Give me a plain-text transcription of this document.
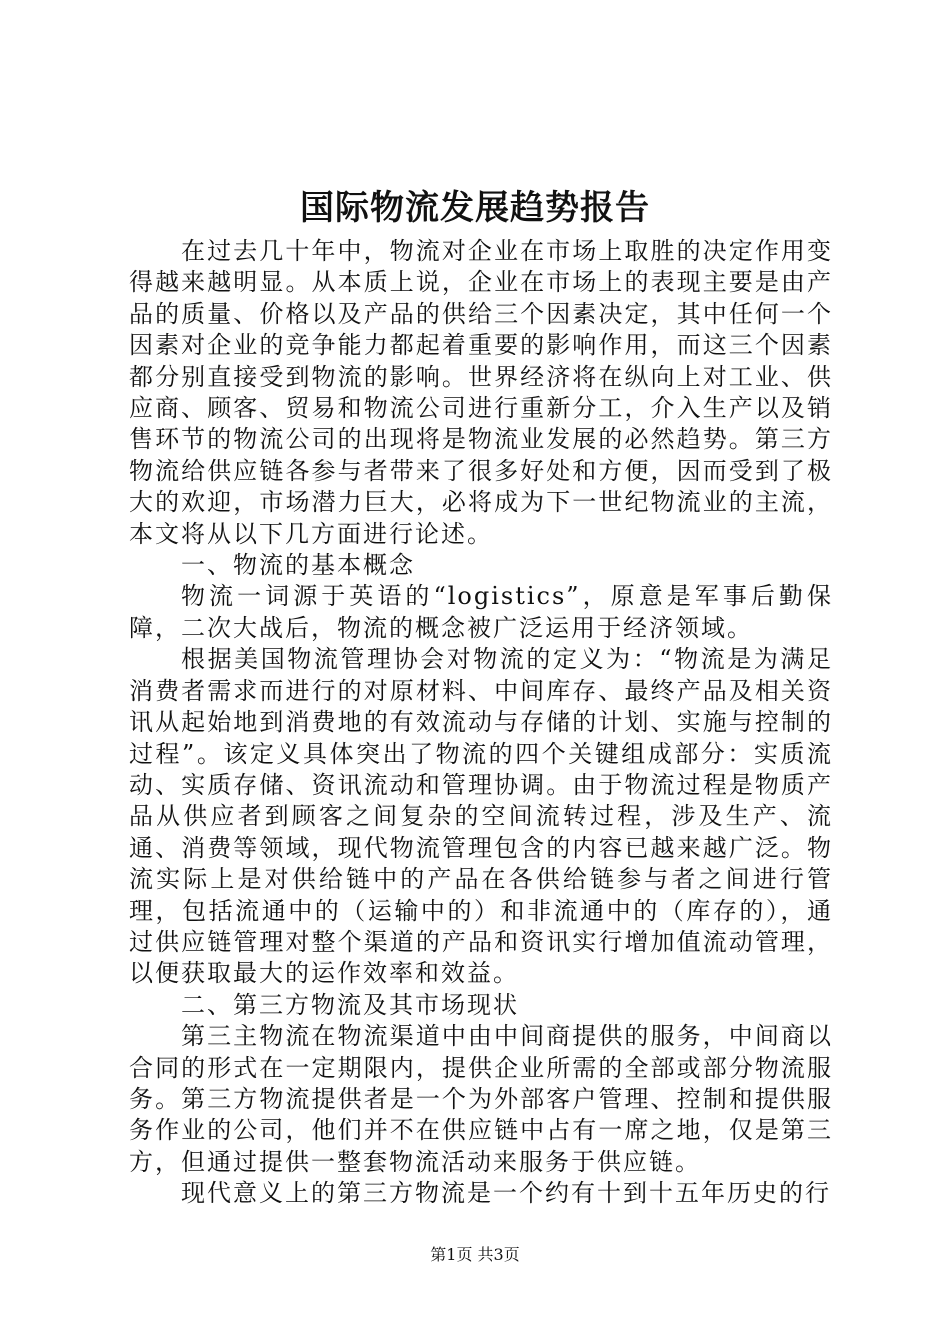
国际物流发展趋势报告

在过去几十年中，物流对企业在市场上取胜的决定作用变得越来越明显。从本质上说，企业在市场上的表现主要是由产品的质量、价格以及产品的供给三个因素决定，其中任何一个因素对企业的竞争能力都起着重要的影响作用，而这三个因素都分别直接受到物流的影响。世界经济将在纵向上对工业、供应商、顾客、贸易和物流公司进行重新分工，介入生产以及销售环节的物流公司的出现将是物流业发展的必然趋势。第三方物流给供应链各参与者带来了很多好处和方便，因而受到了极大的欢迎，市场潜力巨大，必将成为下一世纪物流业的主流，本文将从以下几方面进行论述。

一、物流的基本概念

物流一词源于英语的“logistics”，原意是军事后勤保障，二次大战后，物流的概念被广泛运用于经济领域。

根据美国物流管理协会对物流的定义为：“物流是为满足消费者需求而进行的对原材料、中间库存、最终产品及相关资讯从起始地到消费地的有效流动与存储的计划、实施与控制的过程”。该定义具体突出了物流的四个关键组成部分：实质流动、实质存储、资讯流动和管理协调。由于物流过程是物质产品从供应者到顾客之间复杂的空间流转过程，涉及生产、流通、消费等领域，现代物流管理包含的内容已越来越广泛。物流实际上是对供给链中的产品在各供给链参与者之间进行管理，包括流通中的（运输中的）和非流通中的（库存的），通过供应链管理对整个渠道的产品和资讯实行增加值流动管理，以便获取最大的运作效率和效益。

二、第三方物流及其市场现状

第三主物流在物流渠道中由中间商提供的服务，中间商以合同的形式在一定期限内，提供企业所需的全部或部分物流服务。第三方物流提供者是一个为外部客户管理、控制和提供服务作业的公司，他们并不在供应链中占有一席之地，仅是第三方，但通过提供一整套物流活动来服务于供应链。

现代意义上的第三方物流是一个约有十到十五年历史的行

第1页 共3页
